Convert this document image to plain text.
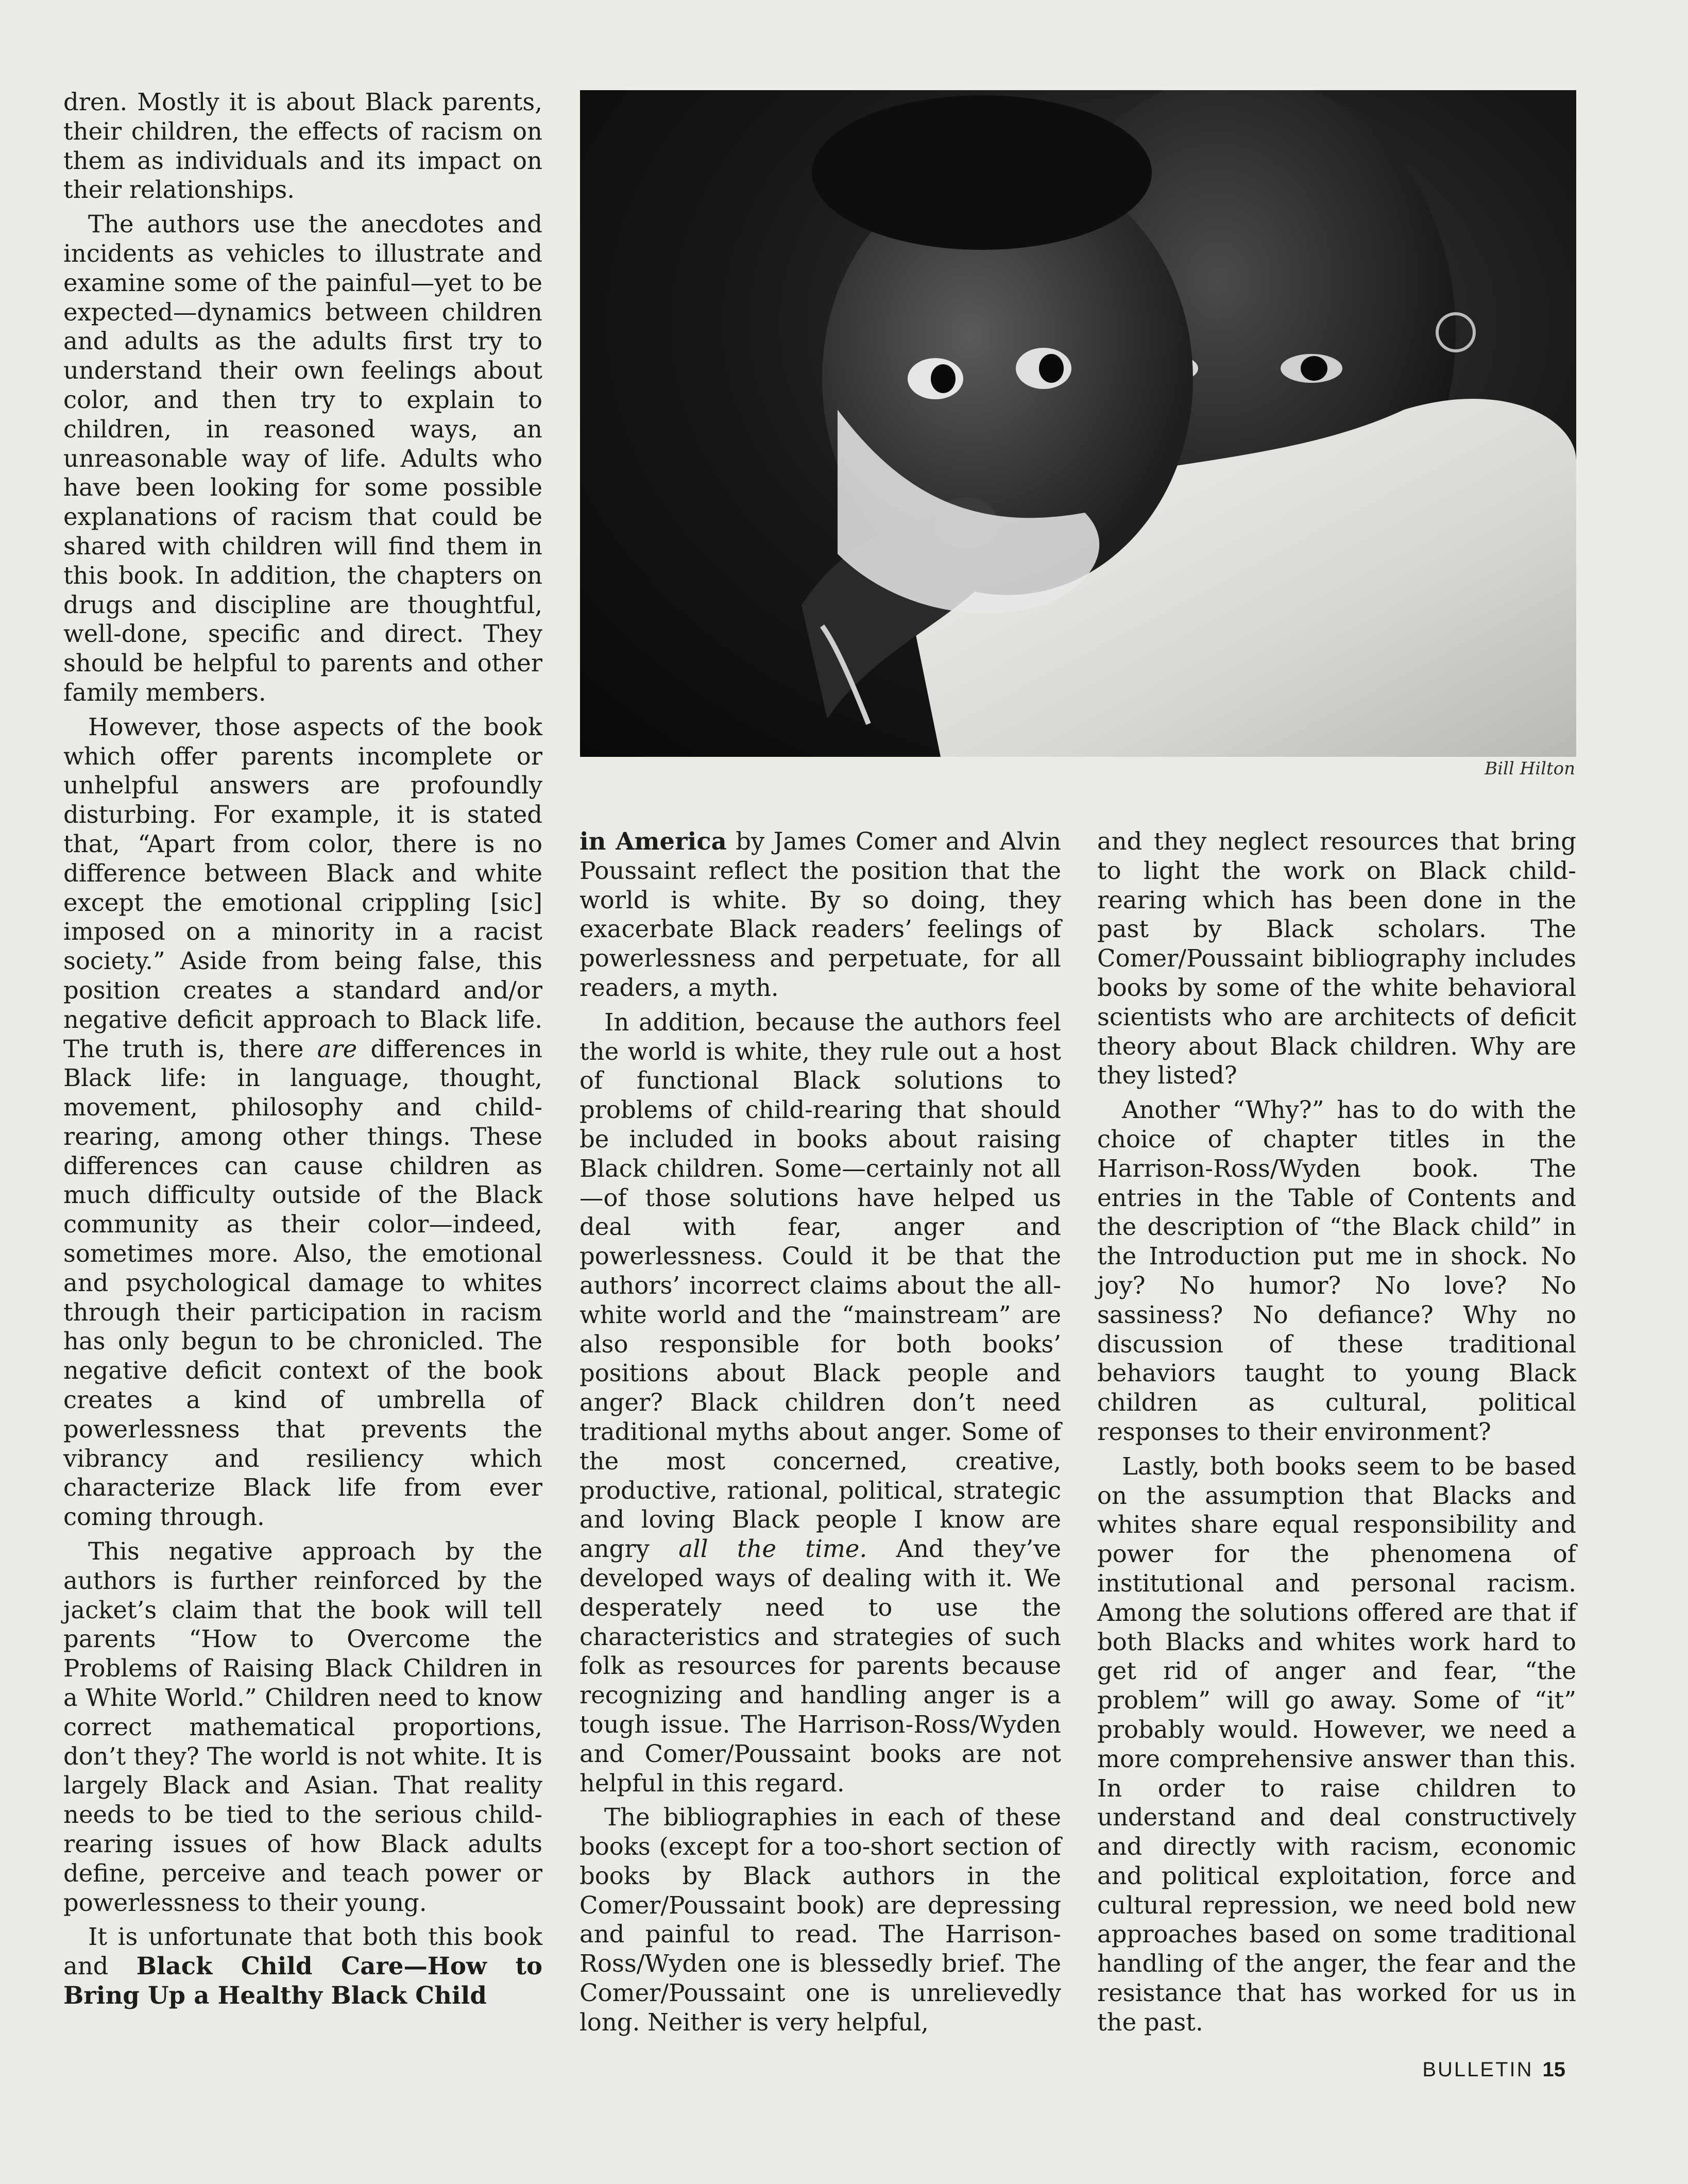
dren. Mostly it is about Black parents, their children, the effects of racism on them as individuals and its impact on their relationships.

The authors use the anecdotes and incidents as vehicles to illustrate and examine some of the painful—yet to be expected—dynamics between children and adults as the adults first try to understand their own feelings about color, and then try to explain to children, in reasoned ways, an unreasonable way of life. Adults who have been looking for some possible explanations of racism that could be shared with children will find them in this book. In addition, the chapters on drugs and discipline are thoughtful, well-done, specific and direct. They should be helpful to parents and other family members.

However, those aspects of the book which offer parents incomplete or unhelpful answers are profoundly disturbing. For example, it is stated that, “Apart from color, there is no difference between Black and white except the emotional crippling [sic] imposed on a minority in a racist society.” Aside from being false, this position creates a standard and/or negative deficit approach to Black life. The truth is, there are differences in Black life: in language, thought, movement, philosophy and child-rearing, among other things. These differences can cause children as much difficulty outside of the Black community as their color—indeed, sometimes more. Also, the emotional and psychological damage to whites through their participation in racism has only begun to be chronicled. The negative deficit context of the book creates a kind of umbrella of powerlessness that prevents the vibrancy and resiliency which characterize Black life from ever coming through.

This negative approach by the authors is further reinforced by the jacket’s claim that the book will tell parents “How to Overcome the Problems of Raising Black Children in a White World.” Children need to know correct mathematical proportions, don’t they? The world is not white. It is largely Black and Asian. That reality needs to be tied to the serious child-rearing issues of how Black adults define, perceive and teach power or powerlessness to their young.

It is unfortunate that both this book and Black Child Care—How to Bring Up a Healthy Black Child

Bill Hilton

in America by James Comer and Alvin Poussaint reflect the position that the world is white. By so doing, they exacerbate Black readers’ feelings of powerlessness and perpetuate, for all readers, a myth.

In addition, because the authors feel the world is white, they rule out a host of functional Black solutions to problems of child-rearing that should be included in books about raising Black children. Some—certainly not all—of those solutions have helped us deal with fear, anger and powerlessness. Could it be that the authors’ incorrect claims about the all-white world and the “mainstream” are also responsible for both books’ positions about Black people and anger? Black children don’t need traditional myths about anger. Some of the most concerned, creative, productive, rational, political, strategic and loving Black people I know are angry all the time. And they’ve developed ways of dealing with it. We desperately need to use the characteristics and strategies of such folk as resources for parents because recognizing and handling anger is a tough issue. The Harrison-Ross/Wyden and Comer/Poussaint books are not helpful in this regard.

The bibliographies in each of these books (except for a too-short section of books by Black authors in the Comer/Poussaint book) are depressing and painful to read. The Harrison-Ross/Wyden one is blessedly brief. The Comer/Poussaint one is unrelievedly long. Neither is very helpful,

and they neglect resources that bring to light the work on Black child-rearing which has been done in the past by Black scholars. The Comer/Poussaint bibliography includes books by some of the white behavioral scientists who are architects of deficit theory about Black children. Why are they listed?

Another “Why?” has to do with the choice of chapter titles in the Harrison-Ross/Wyden book. The entries in the Table of Contents and the description of “the Black child” in the Introduction put me in shock. No joy? No humor? No love? No sassiness? No defiance? Why no discussion of these traditional behaviors taught to young Black children as cultural, political responses to their environment?

Lastly, both books seem to be based on the assumption that Blacks and whites share equal responsibility and power for the phenomena of institutional and personal racism. Among the solutions offered are that if both Blacks and whites work hard to get rid of anger and fear, “the problem” will go away. Some of “it” probably would. However, we need a more comprehensive answer than this. In order to raise children to understand and deal constructively and directly with racism, economic and political exploitation, force and cultural repression, we need bold new approaches based on some traditional handling of the anger, the fear and the resistance that has worked for us in the past.

BULLETIN 15
